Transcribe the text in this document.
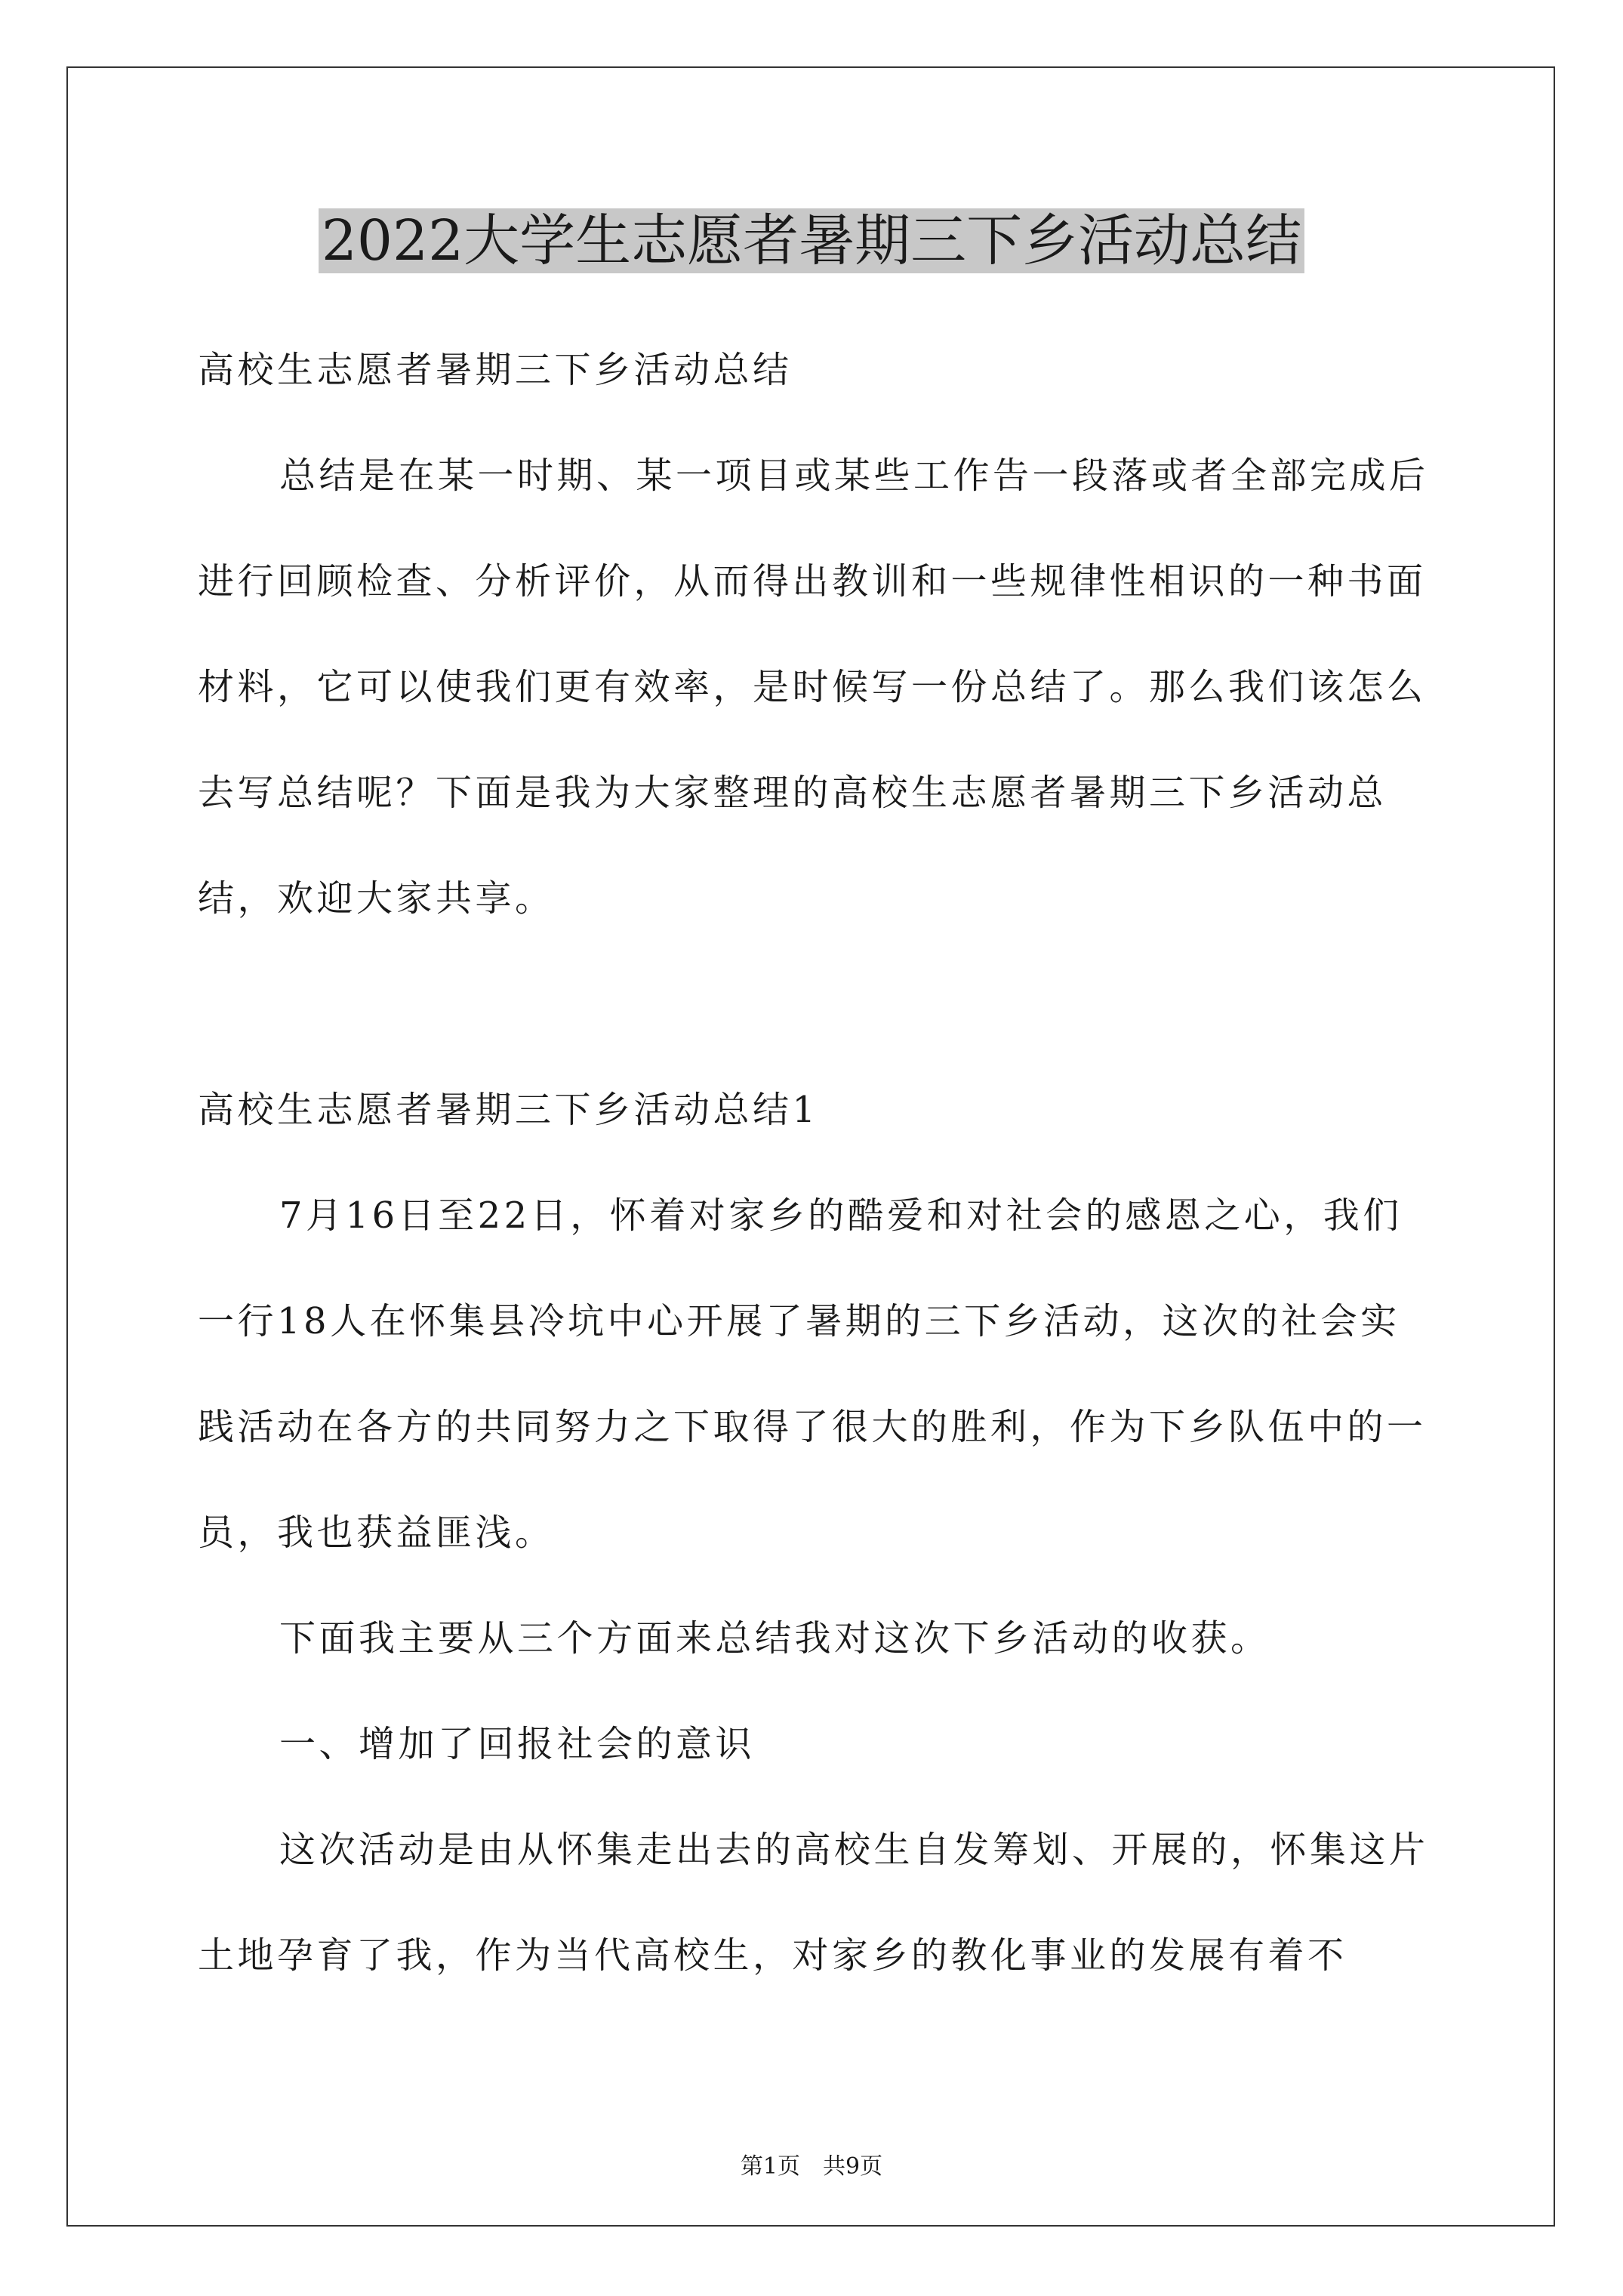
2022大学生志愿者暑期三下乡活动总结

高校生志愿者暑期三下乡活动总结

总结是在某一时期、某一项目或某些工作告一段落或者全部完成后进行回顾检查、分析评价，从而得出教训和一些规律性相识的一种书面材料，它可以使我们更有效率，是时候写一份总结了。那么我们该怎么去写总结呢？下面是我为大家整理的高校生志愿者暑期三下乡活动总结，欢迎大家共享。

高校生志愿者暑期三下乡活动总结1

7月16日至22日，怀着对家乡的酷爱和对社会的感恩之心，我们一行18人在怀集县冷坑中心开展了暑期的三下乡活动，这次的社会实践活动在各方的共同努力之下取得了很大的胜利，作为下乡队伍中的一员，我也获益匪浅。

下面我主要从三个方面来总结我对这次下乡活动的收获。

一、增加了回报社会的意识

这次活动是由从怀集走出去的高校生自发筹划、开展的，怀集这片土地孕育了我，作为当代高校生，对家乡的教化事业的发展有着不

第1页　共9页
